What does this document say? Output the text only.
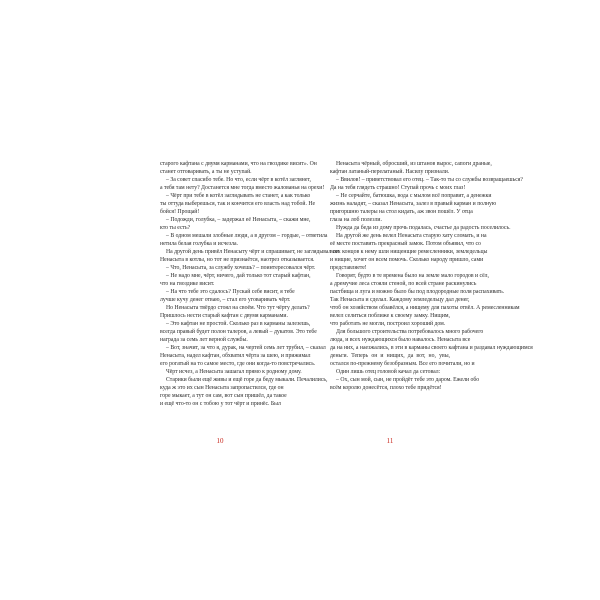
старого кафтана с двумя карманами, что на гвоздике висит». Он
станет отговаривать, а ты не уступай.
– За совет спасибо тебе. Но что, если чёрт в котёл заглянет,
а тебя там нету? Достанется мне тогда вместо жалованья на орехи!
– Чёрт при тебе в котёл заглядывать не станет, а как только
ты оттуда выберешься, так и кончится его власть над тобой. Не
бойся! Прощай!
– Подожди, голубка, – задержал её Ненасыта, – скажи мне,
кто ты есть?
– В одном мешали злобные люди, а в другом – гордые, – ответила
нетила белая голубка и исчезла.
На другой день привёл Ненасыту чёрт и спрашивает, не заглядывал ли
Ненасыта в котлы, но тот не признаётся, наотрез отказывается.
– Что, Ненасыта, за службу хочешь? – поинтересовался чёрт.
– Не надо мне, чёрт, ничего, дай только тот старый кафтан,
что на гвоздике висит.
– На что тебе это сдалось? Пускай себе висит, я тебе
лучше кучу денег отваю, – стал его уговаривать чёрт.
Но Ненасыта твёрдо стоял на своём. Что тут чёрту делать?
Пришлось нести старый кафтан с двумя карманами.
– Это кафтан не простой. Сколько раз в карманы залезешь,
всегда правый будет полон талеров, а левый – дукатов. Это тебе
награда за семь лет верной службы.
– Вот, значит, за что я, дурак, на чертей семь лет трубил, – сказал
Ненасыта, надел кафтан, обхватил чёрта за шею, и прижимал
его рогатый на то самое место, где они когда-то повстречались.
Чёрт исчез, а Ненасыта зашагал прямо к родному дому.
Старики были ещё живы и ещё горе да беду мыкали. Печалились,
куда ж это их сын Ненасыта запропастился, где он
горе мыкает, а тут он сам, вот сын пришёл, да такое
и ещё что-то он с тобою у тот чёрт и принёс. Был
10
Ненасыта чёрный, обросший, из штанов вырос, сапоги драные,
кафтан латаный-перелатаный. Насилу признали.
– Ввилов! – приветствовал его отец. – Так-то ты со службы возвращаешься?
Да на тебя глядеть страшно! Ступай прочь с моих глаз!
– Не серчайте, батюшка, вода с мылом всё поправит, а денежки
жизнь наладят, – сказал Ненасыта, залез в правый карман и полную
пригоршню талеры на стол кидать, аж звон пошёл. У отца
глаза на лоб полезли.
Нужда да беда из дому прочь подалась, счастье да радость поселилось.
На другой же день велел Ненасыта старую хату сломать, и на
её месте поставить прекрасный замок. Потом объявил, что со
всех концов к нему шли нищенщие ремесленники, земледельцы
и нищие, хочет он всем помочь. Сколько народу пришло, сами
представляете!
Говорят, будто в те времена было на земле мало городов и сёл,
а дремучие леса стояли стеной, по всей стране раскинулись
пастбища и луга и можно было бы под плодородные поля распахивать.
Так Ненасыта и сделал. Каждому земледельцу дал денег,
чтоб он хозяйством обзавёлся, а нищему для пахоты отвёл. А ремесленникам
велел селиться поближе к своему замку. Нищим,
что работать не могли, построил хороший дом.
Для большого строительства потребовалось много рабочего
люда, и всех нуждающихся было навалось. Ненасыта все
да на них, а наезжались, в эти в карманы своего кафтана и раздавал нуждающимся
деньги. Теперь он и нищих, да вот, но, увы,
остался по-прежнему безобразным. Все его почитали, но и
Один лишь отец головой качал да сетовал:
– Ох, сын мой, сын, не пройдёт тебе это даром. Ежели обо
всём королю донесётся, плохо тебе придётся!
11
